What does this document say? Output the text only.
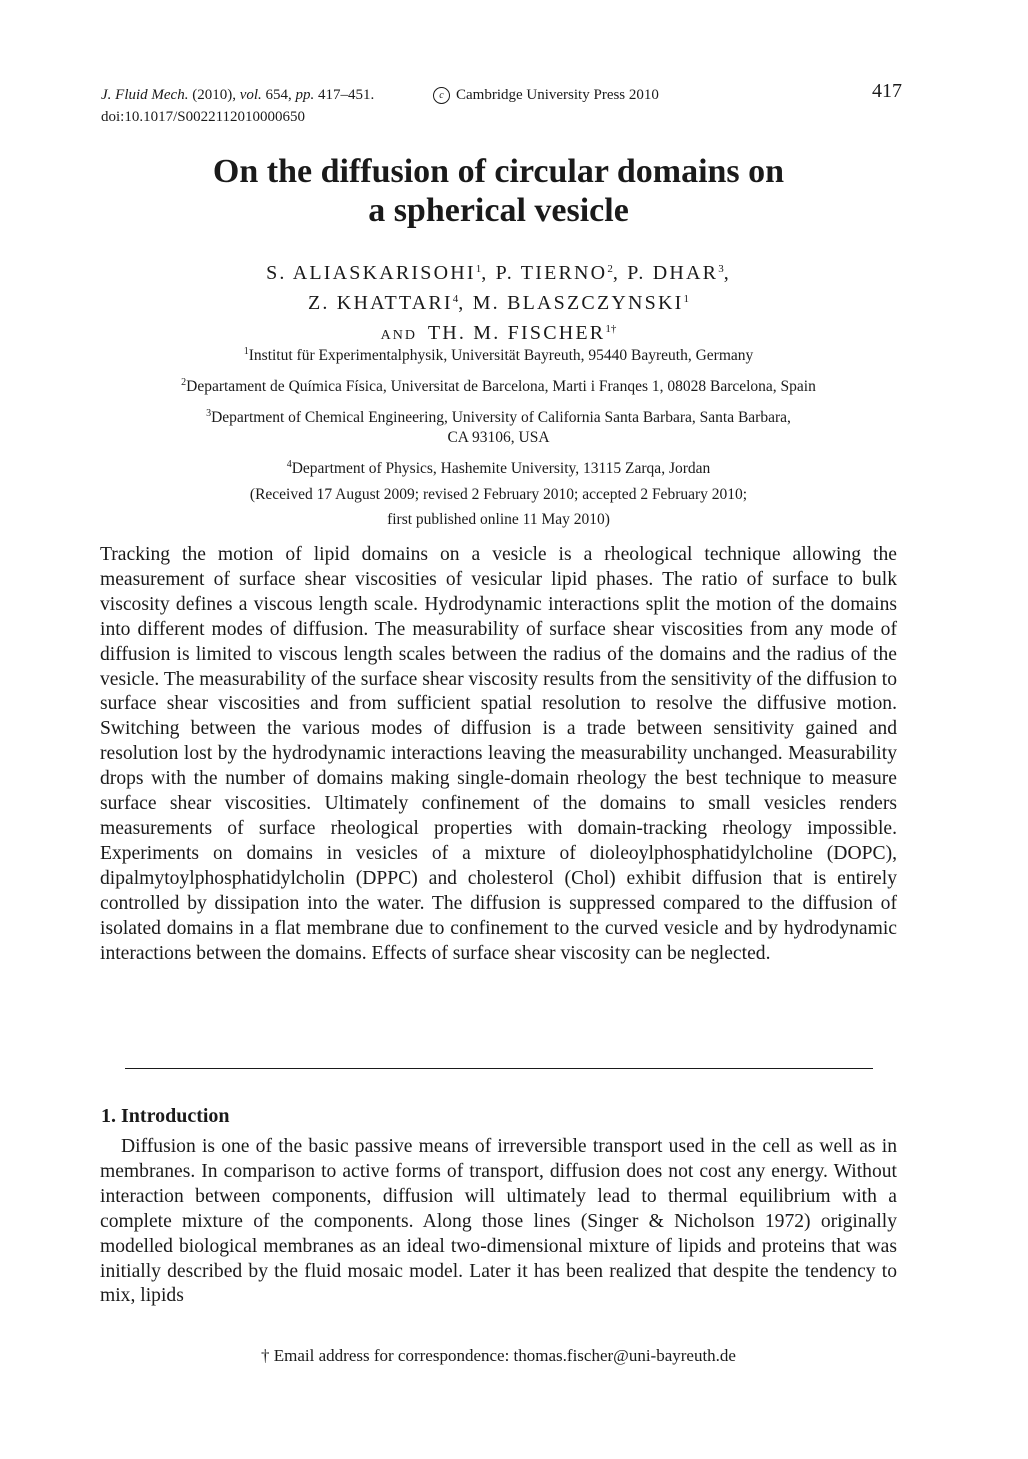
J. Fluid Mech. (2010), vol. 654, pp. 417–451.	c Cambridge University Press 2010
doi:10.1017/S0022112010000650
417
On the diffusion of circular domains on
a spherical vesicle
S. ALIASKARISOHI$^1$, P. TIERNO$^2$, P. DHAR$^3$,
Z. KHATTARI$^4$, M. BLASZCZYNSKI$^1$
AND TH. M. $FISCHER^{1\dagger}$
$^1$Institut für Experimentalphysik, Universität Bayreuth, 95440 Bayreuth, Germany
$^2$Departament de Química Física, Universitat de Barcelona, Marti i Franqes 1, 08028 Barcelona, Spain
$^3$Department of Chemical Engineering, University of California Santa Barbara, Santa Barbara,
CA 93106, USA
$^4$Department of Physics, Hashemite University, 13115 Zarqa, Jordan
(Received 17 August 2009; revised 2 February 2010; accepted 2 February 2010;
first published online 11 May 2010)
Tracking the motion of lipid domains on a vesicle is a rheological technique allowing the measurement of surface shear viscosities of vesicular lipid phases. The ratio of surface to bulk viscosity defines a viscous length scale. Hydrodynamic interactions split the motion of the domains into different modes of diffusion. The measurability of surface shear viscosities from any mode of diffusion is limited to viscous length scales between the radius of the domains and the radius of the vesicle. The measurability of the surface shear viscosity results from the sensitivity of the diffusion to surface shear viscosities and from sufficient spatial resolution to resolve the diffusive motion. Switching between the various modes of diffusion is a trade between sensitivity gained and resolution lost by the hydrodynamic interactions leaving the measurability unchanged. Measurability drops with the number of domains making single-domain rheology the best technique to measure surface shear viscosities. Ultimately confinement of the domains to small vesicles renders measurements of surface rheological properties with domain-tracking rheology impossible. Experiments on domains in vesicles of a mixture of dioleoylphosphatidylcholine (DOPC), dipalmytoylphosphatidylcholin (DPPC) and cholesterol (Chol) exhibit diffusion that is entirely controlled by dissipation into the water. The diffusion is suppressed compared to the diffusion of isolated domains in a flat membrane due to confinement to the curved vesicle and by hydrodynamic interactions between the domains. Effects of surface shear viscosity can be neglected.
1. Introduction
Diffusion is one of the basic passive means of irreversible transport used in the cell as well as in membranes. In comparison to active forms of transport, diffusion does not cost any energy. Without interaction between components, diffusion will ultimately lead to thermal equilibrium with a complete mixture of the components. Along those lines (Singer & Nicholson 1972) originally modelled biological membranes as an ideal two-dimensional mixture of lipids and proteins that was initially described by the fluid mosaic model. Later it has been realized that despite the tendency to mix, lipids
† Email address for correspondence: thomas.fischer@uni-bayreuth.de
